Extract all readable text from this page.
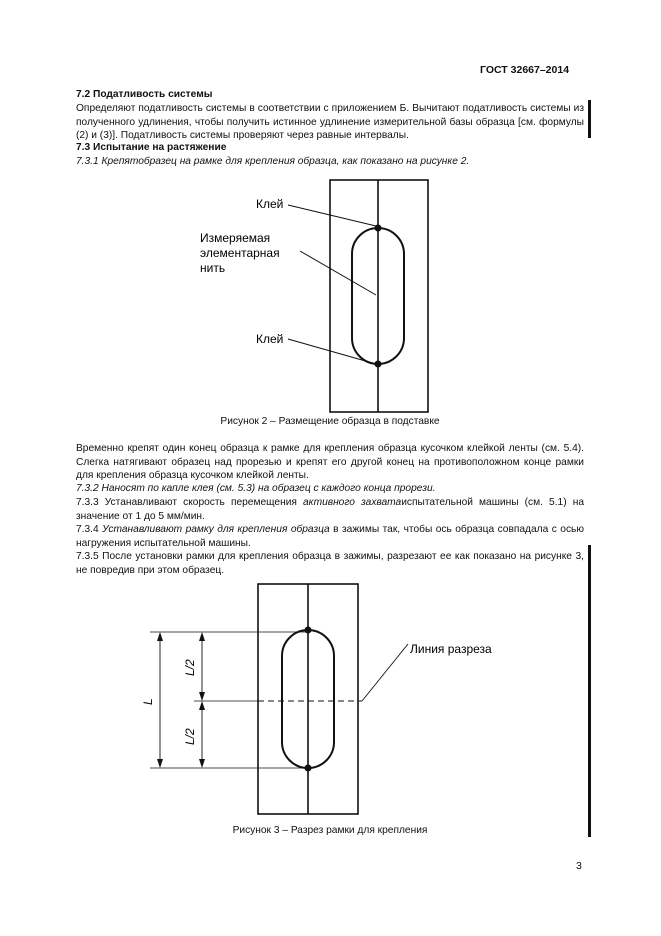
ГОСТ 32667–2014
7.2 Податливость системы
Определяют податливость системы в соответствии с приложением Б. Вычитают податливость системы из полученного удлинения, чтобы получить истинное удлинение измерительной базы образца [см. формулы (2) и (3)]. Податливость системы проверяют через равные интервалы.
7.3 Испытание на растяжение
7.3.1 Крепятобразец на рамке для крепления образца, как показано на рисунке 2.
Клей
Измеряемая
элементарная
нить
Клей
Рисунок 2 – Размещение образца в подставке
Временно крепят один конец образца к рамке для крепления образца кусочком клейкой ленты (см. 5.4). Слегка натягивают образец над прорезью и крепят его другой конец на противоположном конце рамки для крепления образца кусочком клейкой ленты.
7.3.2 Наносят по капле клея (см. 5.3) на образец с каждого конца прорези.
7.3.3 Устанавливают скорость перемещения активного захватаиспытательной машины (см. 5.1) на значение от 1 до 5 мм/мин.
7.3.4 Устанавливают рамку для крепления образца в зажимы так, чтобы ось образца совпадала с осью нагружения испытательной машины.
7.3.5 После установки рамки для крепления образца в зажимы, разрезают ее как показано на рисунке 3, не повредив при этом образец.
L
L/2
L/2
Линия разреза
Рисунок 3 – Разрез рамки для крепления
3
